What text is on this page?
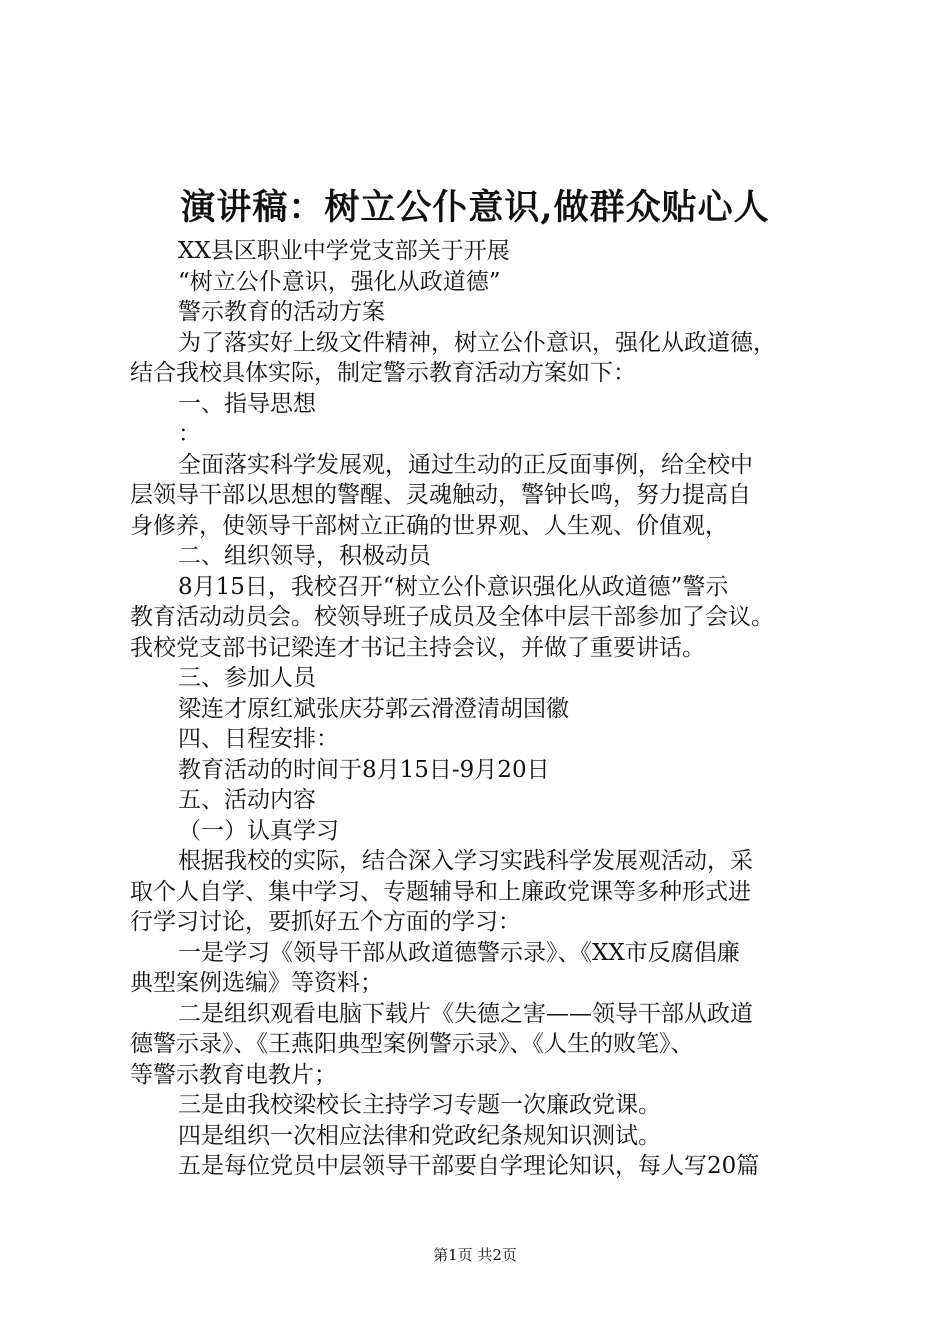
演讲稿：树立公仆意识,做群众贴心人
XX县区职业中学党支部关于开展
“树立公仆意识，强化从政道德”
警示教育的活动方案
为了落实好上级文件精神，树立公仆意识，强化从政道德，
结合我校具体实际，制定警示教育活动方案如下：
一、指导思想
：
全面落实科学发展观，通过生动的正反面事例，给全校中
层领导干部以思想的警醒、灵魂触动，警钟长鸣，努力提高自
身修养，使领导干部树立正确的世界观、人生观、价值观，
二、组织领导，积极动员
8月15日，我校召开“树立公仆意识强化从政道德”警示
教育活动动员会。校领导班子成员及全体中层干部参加了会议。
我校党支部书记梁连才书记主持会议，并做了重要讲话。
三、参加人员
梁连才原红斌张庆芬郭云滑澄清胡国徽
四、日程安排：
教育活动的时间于8月15日-9月20日
五、活动内容
（一）认真学习
根据我校的实际，结合深入学习实践科学发展观活动，采
取个人自学、集中学习、专题辅导和上廉政党课等多种形式进
行学习讨论，要抓好五个方面的学习：
一是学习《领导干部从政道德警示录》、《XX市反腐倡廉
典型案例选编》等资料；
二是组织观看电脑下载片《失德之害——领导干部从政道
德警示录》、《王燕阳典型案例警示录》、《人生的败笔》、
等警示教育电教片；
三是由我校梁校长主持学习专题一次廉政党课。
四是组织一次相应法律和党政纪条规知识测试。
五是每位党员中层领导干部要自学理论知识，每人写20篇
第1页 共2页
